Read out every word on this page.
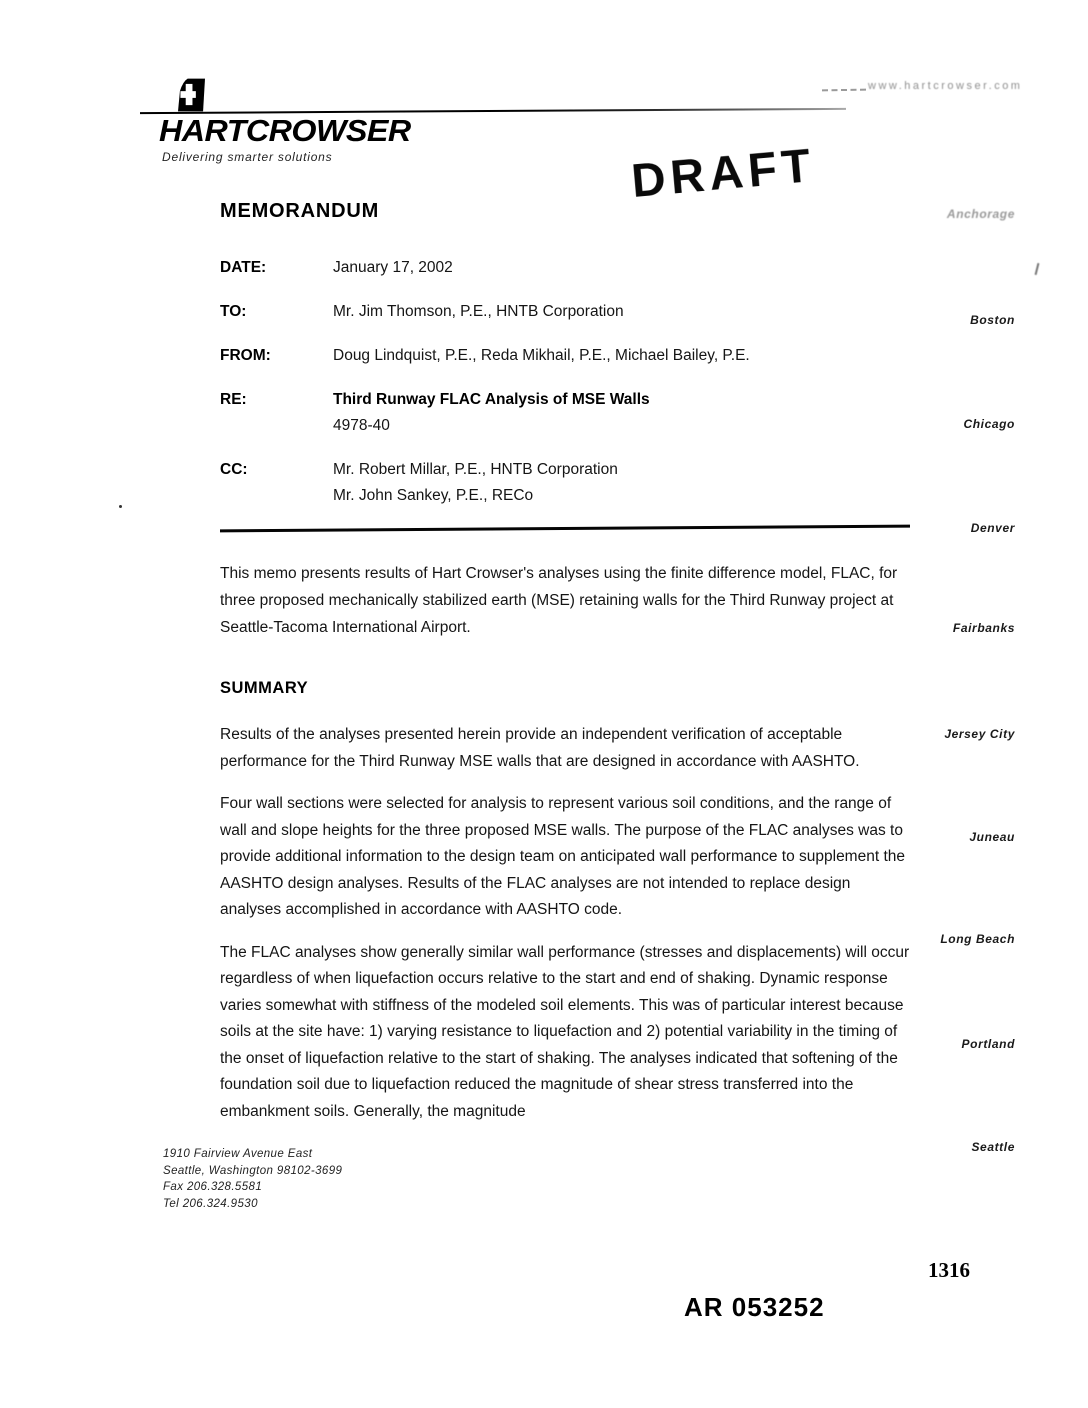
HARTCROWSER
Delivering smarter solutions
www.hartcrowser.com
DRAFT
MEMORANDUM
DATE:	January 17, 2002
TO:	Mr. Jim Thomson, P.E., HNTB Corporation
FROM:	Doug Lindquist, P.E., Reda Mikhail, P.E., Michael Bailey, P.E.
RE:	Third Runway FLAC Analysis of MSE Walls
4978-40
CC:	Mr. Robert Millar, P.E., HNTB Corporation
Mr. John Sankey, P.E., RECo

This memo presents results of Hart Crowser's analyses using the finite difference model, FLAC, for three proposed mechanically stabilized earth (MSE) retaining walls for the Third Runway project at Seattle-Tacoma International Airport.

SUMMARY

Results of the analyses presented herein provide an independent verification of acceptable performance for the Third Runway MSE walls that are designed in accordance with AASHTO.

Four wall sections were selected for analysis to represent various soil conditions, and the range of wall and slope heights for the three proposed MSE walls. The purpose of the FLAC analyses was to provide additional information to the design team on anticipated wall performance to supplement the AASHTO design analyses. Results of the FLAC analyses are not intended to replace design analyses accomplished in accordance with AASHTO code.

The FLAC analyses show generally similar wall performance (stresses and displacements) will occur regardless of when liquefaction occurs relative to the start and end of shaking. Dynamic response varies somewhat with stiffness of the modeled soil elements. This was of particular interest because soils at the site have: 1) varying resistance to liquefaction and 2) potential variability in the timing of the onset of liquefaction relative to the start of shaking. The analyses indicated that softening of the foundation soil due to liquefaction reduced the magnitude of shear stress transferred into the embankment soils. Generally, the magnitude

Anchorage
Boston
Chicago
Denver
Fairbanks
Jersey City
Juneau
Long Beach
Portland
Seattle
1910 Fairview Avenue East
Seattle, Washington 98102-3699
Fax 206.328.5581
Tel 206.324.9530
1316
AR 053252
